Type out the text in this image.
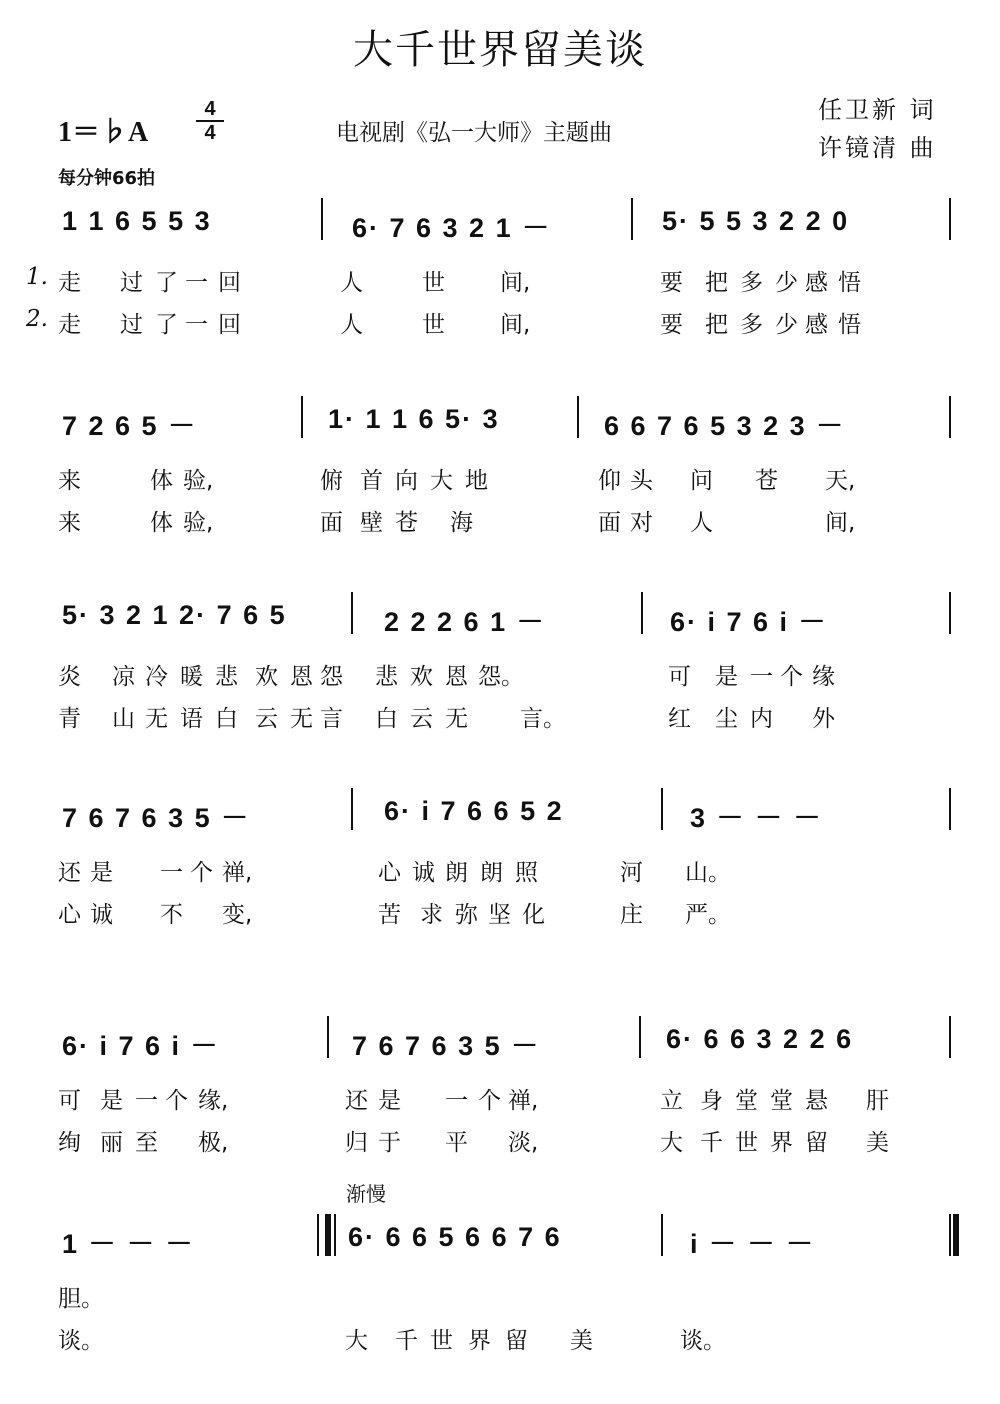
大千世界留美谈
1＝♭A
4
4	电视剧《弘一大师》主题曲
任卫新 词
许镜清 曲
每分钟66拍
渐慢
1 1 6 5 5 3	6· 7 6 3 2 1 －	5· 5 5 3 2 2 0
走 过 了 一 回	人	世 间,	要 把 多 少 感 悟
走 过 了 一 回	人	世 间,	要 把 多 少 感 悟
1.
2.
7 2 6 5 －	1· 1 1 6 5· 3	6 6 7 6 5 3 2 3 －
来	体 验,	俯 首 向 大 地	仰 头 问 苍 天,
来	体 验,	面 壁 苍 海	面 对 人	间,
5· 3 2 1 2· 7 6 5	2 2 2 6 1 －	6· i 7 6 i －
炎 凉 冷 暖 悲 欢 恩 怨 悲 欢 恩 怨。	可 是 一 个 缘
青 山 无 语 白 云 无 言 白 云 无 言。	红 尘 内 外
7 6 7 6 3 5 －	6· i 7 6 6 5 2	3 － － －
还 是 一 个 禅,	心 诚 朗 朗 照	河 山。
心 诚 不 变,	苦 求 弥 坚 化	庄 严。
6· i 7 6 i －	7 6 7 6 3 5 －	6· 6 6 3 2 2 6
可 是 一 个 缘,	还 是 一 个 禅,	立 身 堂 堂 悬 肝
绚 丽 至 极,	归 于 平 淡,	大 千 世 界 留 美
1 － － －	6· 6 6 5 6 6 7 6	i － － －
胆。
谈。	大 千 世 界 留 美	谈。
